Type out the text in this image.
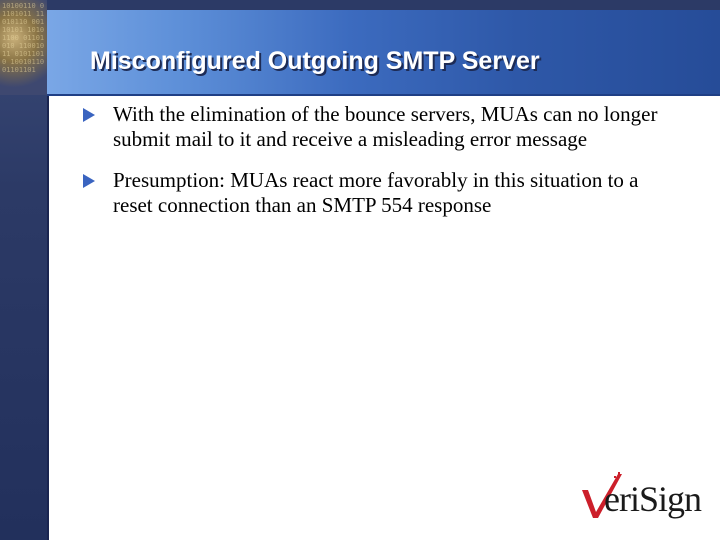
10100110 01101011 11010110 00110101 10101100 01101010 11001011 01011010 10010110 01101101	Misconfigured Outgoing SMTP Server
With the elimination of the bounce servers, MUAs can no longer submit mail to it and receive a misleading error message
Presumption: MUAs react more favorably in this situation to a reset connection than an SMTP 554 response
eriSign
